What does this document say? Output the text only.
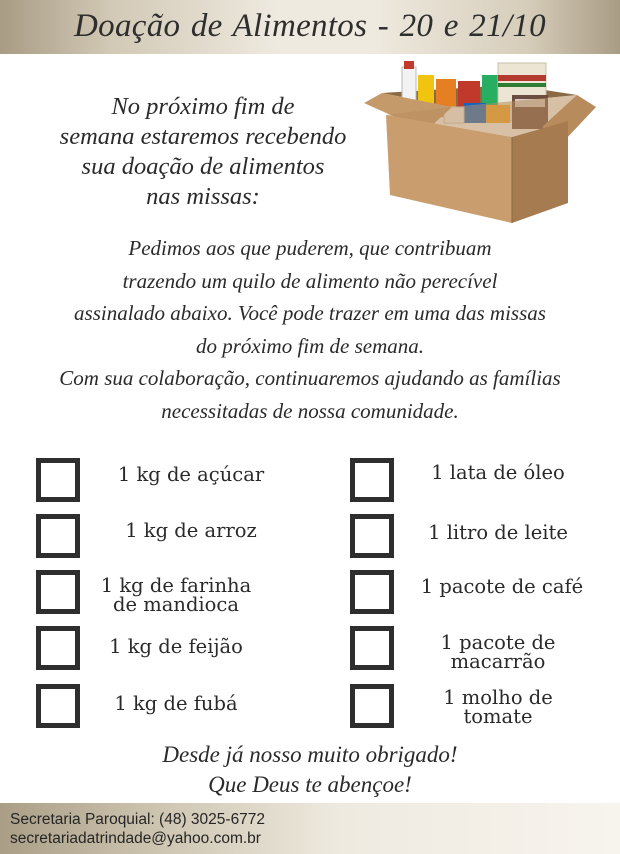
Doação de Alimentos - 20 e 21/10
No próximo fim de
semana estaremos recebendo
sua doação de alimentos
nas missas:
Pedimos aos que puderem, que contribuam
trazendo um quilo de alimento não perecível
assinalado abaixo. Você pode trazer em uma das missas
do próximo fim de semana.
Com sua colaboração, continuaremos ajudando as famílias
necessitadas de nossa comunidade.
1 kg de açúcar
1 kg de arroz
1 kg de farinha
de mandioca
1 kg de feijão
1 kg de fubá
1 lata de óleo
1 litro de leite
1 pacote de café
1 pacote de
macarrão
1 molho de
tomate
Desde já nosso muito obrigado!
Que Deus te abençoe!
Secretaria Paroquial: (48) 3025-6772
secretariadatrindade@yahoo.com.br
